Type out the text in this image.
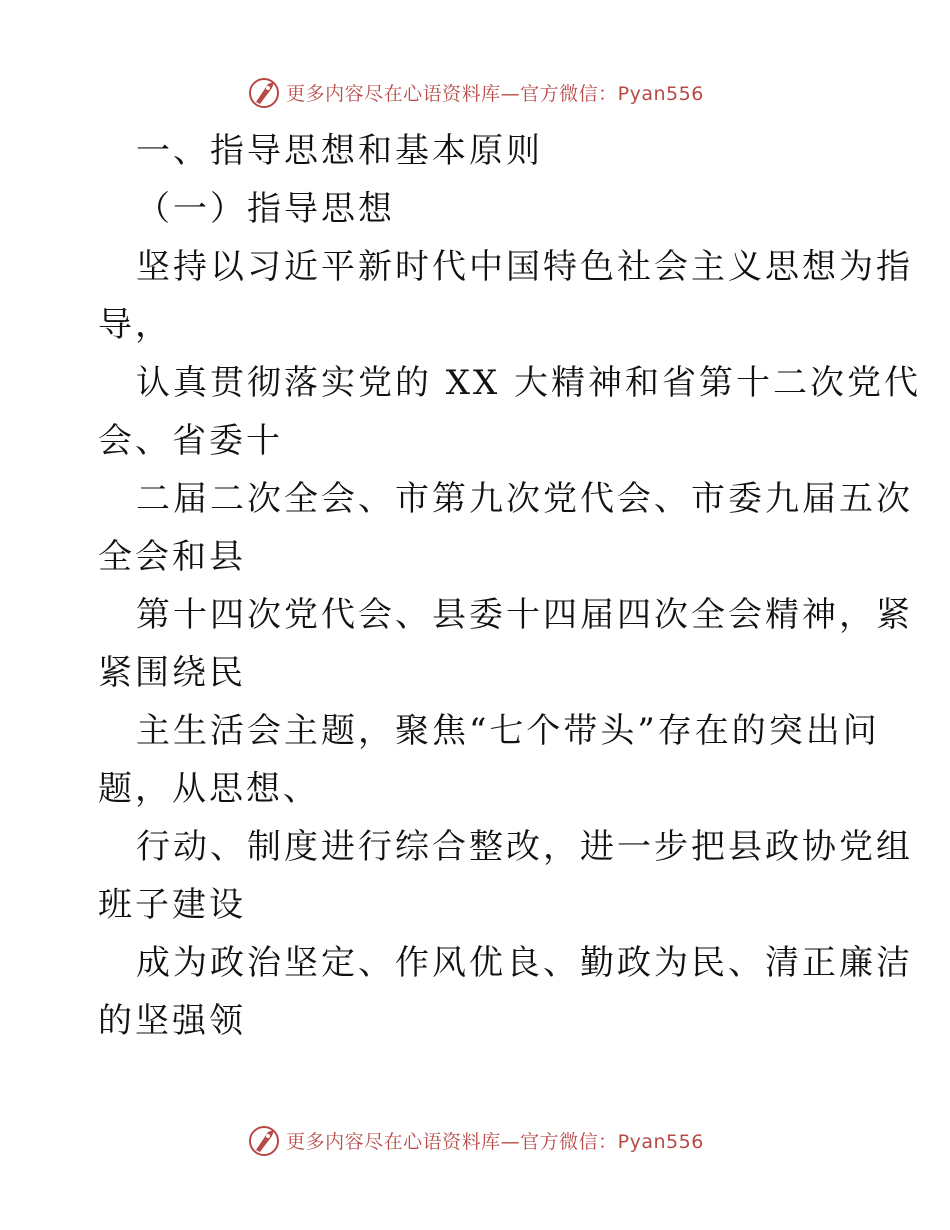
更多内容尽在心语资料库—官方微信：Pyan556
一、指导思想和基本原则
（一）指导思想
坚持以习近平新时代中国特色社会主义思想为指
导，
认真贯彻落实党的 XX 大精神和省第十二次党代
会、省委十
二届二次全会、市第九次党代会、市委九届五次
全会和县
第十四次党代会、县委十四届四次全会精神，紧
紧围绕民
主生活会主题，聚焦“七个带头”存在的突出问
题，从思想、
行动、制度进行综合整改，进一步把县政协党组
班子建设
成为政治坚定、作风优良、勤政为民、清正廉洁
的坚强领
更多内容尽在心语资料库—官方微信：Pyan556
